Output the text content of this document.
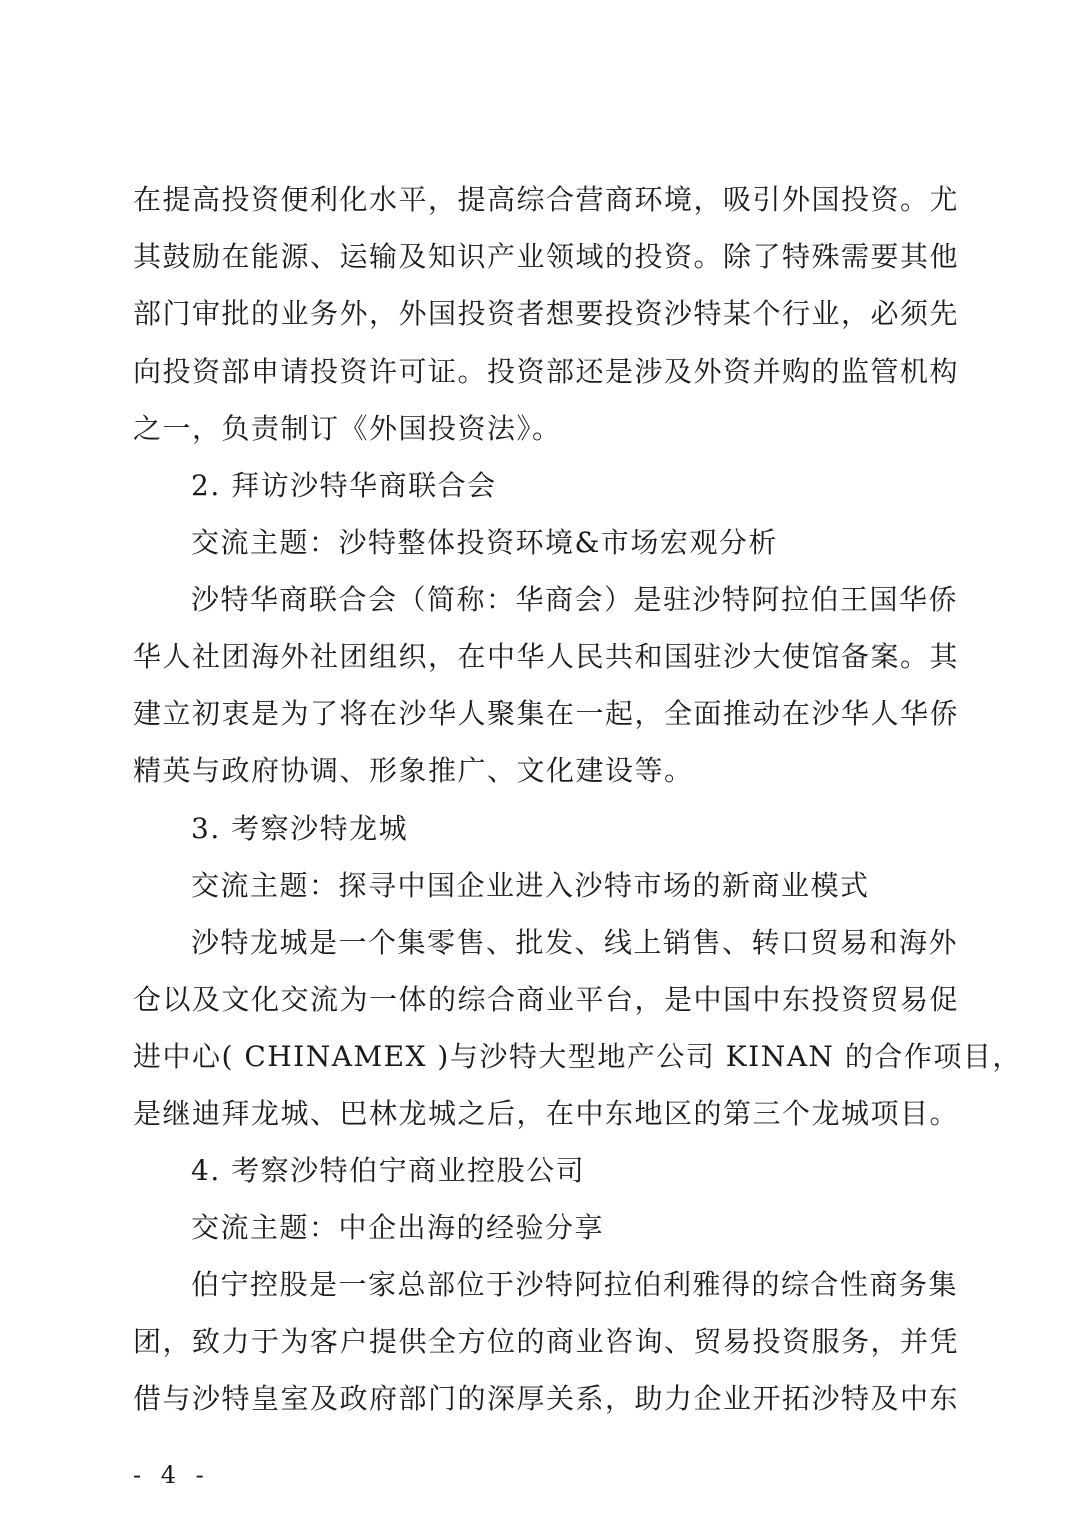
在提高投资便利化水平，提高综合营商环境，吸引外国投资。尤
其鼓励在能源、运输及知识产业领域的投资。除了特殊需要其他
部门审批的业务外，外国投资者想要投资沙特某个行业，必须先
向投资部申请投资许可证。投资部还是涉及外资并购的监管机构
之一，负责制订《外国投资法》。
2. 拜访沙特华商联合会
交流主题：沙特整体投资环境&市场宏观分析
沙特华商联合会（简称：华商会）是驻沙特阿拉伯王国华侨
华人社团海外社团组织，在中华人民共和国驻沙大使馆备案。其
建立初衷是为了将在沙华人聚集在一起，全面推动在沙华人华侨
精英与政府协调、形象推广、文化建设等。
3. 考察沙特龙城
交流主题：探寻中国企业进入沙特市场的新商业模式
沙特龙城是一个集零售、批发、线上销售、转口贸易和海外
仓以及文化交流为一体的综合商业平台，是中国中东投资贸易促
进中心( CHINAMEX )与沙特大型地产公司 KINAN 的合作项目，
是继迪拜龙城、巴林龙城之后，在中东地区的第三个龙城项目。
4. 考察沙特伯宁商业控股公司
交流主题：中企出海的经验分享
伯宁控股是一家总部位于沙特阿拉伯利雅得的综合性商务集
团，致力于为客户提供全方位的商业咨询、贸易投资服务，并凭
借与沙特皇室及政府部门的深厚关系，助力企业开拓沙特及中东
- 4 -
